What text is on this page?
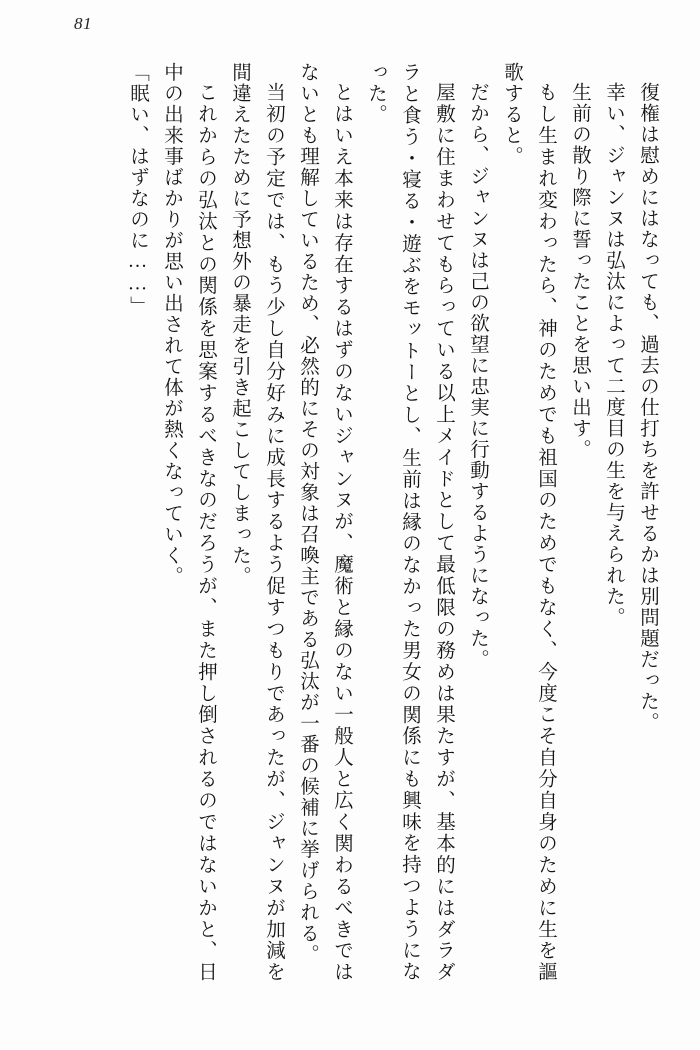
81

復権は慰めにはなっても、過去の仕打ちを許せるかは別問題だった。

幸い、ジャンヌは弘汰によって二度目の生を与えられた。

生前の散り際に誓ったことを思い出す。

もし生まれ変わったら、神のためでも祖国のためでもなく、今度こそ自分自身のために生を謳歌すると。

だから、ジャンヌは己の欲望に忠実に行動するようになった。

屋敷に住まわせてもらっている以上メイドとして最低限の務めは果たすが、基本的にはダラダラと食う・寝る・遊ぶをモットーとし、生前は縁のなかった男女の関係にも興味を持つようになった。

とはいえ本来は存在するはずのないジャンヌが、魔術と縁のない一般人と広く関わるべきではないとも理解しているため、必然的にその対象は召喚主である弘汰が一番の候補に挙げられる。

当初の予定では、もう少し自分好みに成長するよう促すつもりであったが、ジャンヌが加減を間違えたために予想外の暴走を引き起こしてしまった。

これからの弘汰との関係を思案するべきなのだろうが、また押し倒されるのではないかと、日中の出来事ばかりが思い出されて体が熱くなっていく。

「眠い、はずなのに……」
